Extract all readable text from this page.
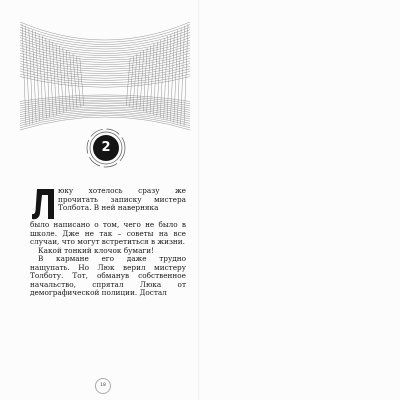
2

юку хотелось сразу же прочитать записку мистера Толбота. В ней наверняка

было написано о том, чего не было в школе. Дже не так – советы на все случаи, что могут встретиться в жизни.

Какой тонкий клочок бумаги!

В кармане его даже трудно нащупать. Но Люк верил мистеру Толботу. Тот, обманув собственное начальство, спрятал Люка от демографической полиции. Достал

18
